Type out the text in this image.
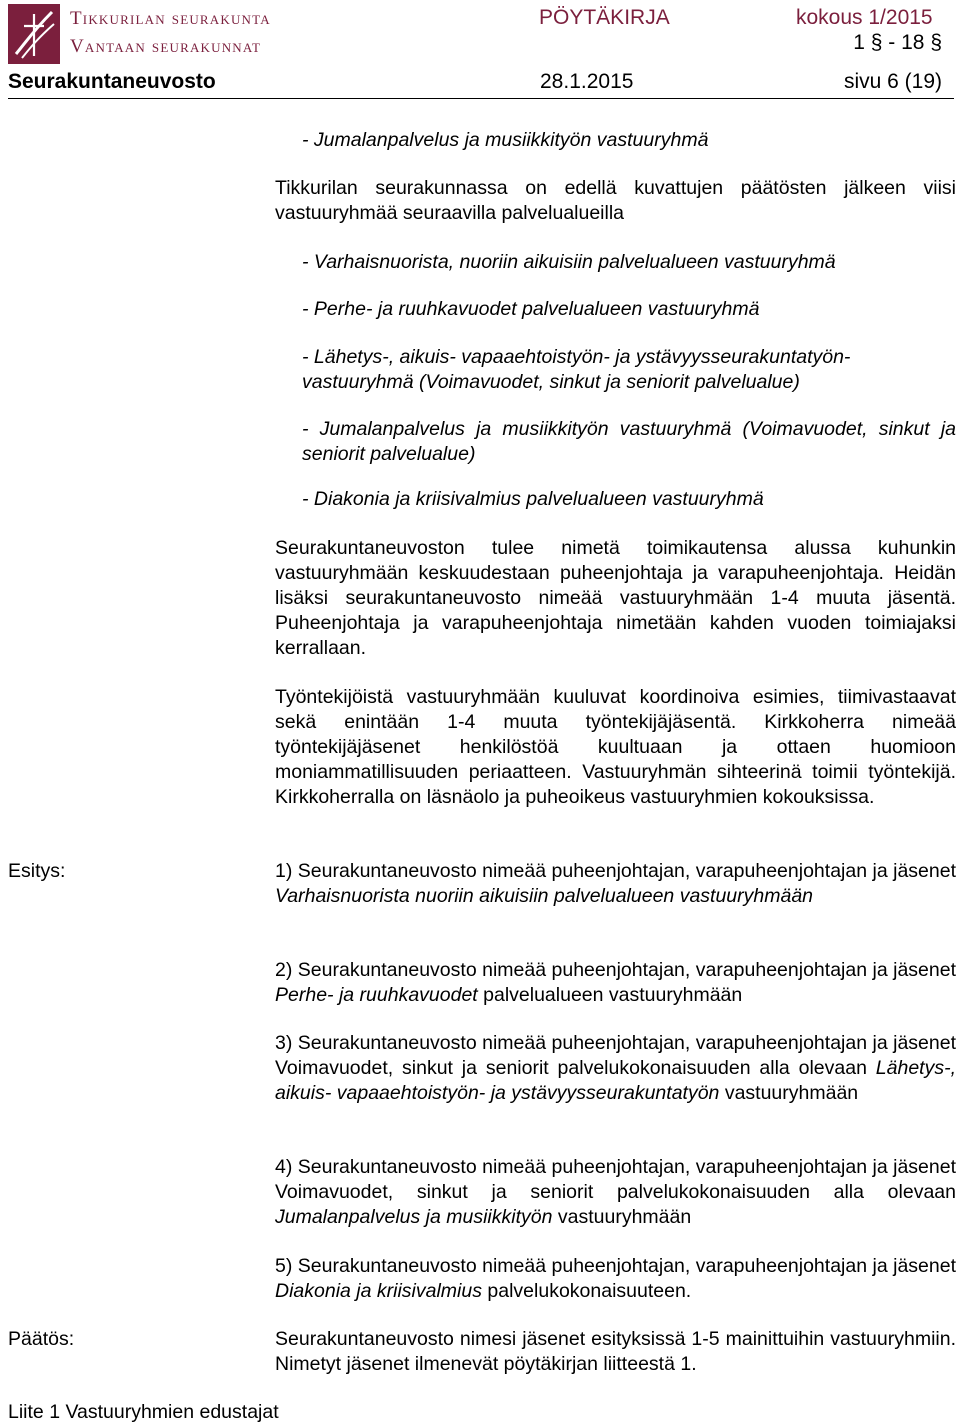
Tikkurilan seurakunta
Vantaan seurakunnat
PÖYTÄKIRJA	kokous 1/2015
1 § - 18 §
Seurakuntaneuvosto	28.1.2015	sivu 6 (19)
- Jumalanpalvelus ja musiikkityön vastuuryhmä
Tikkurilan seurakunnassa on edellä kuvattujen päätösten jälkeen viisi vastuuryhmää seuraavilla palvelualueilla
- Varhaisnuorista, nuoriin aikuisiin palvelualueen vastuuryhmä
- Perhe- ja ruuhkavuodet palvelualueen vastuuryhmä
- Lähetys-, aikuis- vapaaehtoistyön- ja ystävyysseurakuntatyön-
vastuuryhmä (Voimavuodet, sinkut ja seniorit palvelualue)
- Jumalanpalvelus ja musiikkityön vastuuryhmä (Voimavuodet, sinkut ja seniorit palvelualue)
- Diakonia ja kriisivalmius palvelualueen vastuuryhmä
Seurakuntaneuvoston tulee nimetä toimikautensa alussa kuhunkin vastuuryhmään keskuudestaan puheenjohtaja ja varapuheenjohtaja. Heidän lisäksi seurakuntaneuvosto nimeää vastuuryhmään 1-4 muuta jäsentä. Puheenjohtaja ja varapuheenjohtaja nimetään kahden vuoden toimiajaksi kerrallaan.
Työntekijöistä vastuuryhmään kuuluvat koordinoiva esimies, tiimivastaavat sekä enintään 1-4 muuta työntekijäjäsentä. Kirkkoherra nimeää työntekijäjäsenet henkilöstöä kuultuaan ja ottaen huomioon moniammatillisuuden periaatteen. Vastuuryhmän sihteerinä toimii työntekijä. Kirkkoherralla on läsnäolo ja puheoikeus vastuuryhmien kokouksissa.
Esitys:	1) Seurakuntaneuvosto nimeää puheenjohtajan, varapuheenjohtajan ja jäsenet Varhaisnuorista nuoriin aikuisiin palvelualueen vastuuryhmään
2) Seurakuntaneuvosto nimeää puheenjohtajan, varapuheenjohtajan ja jäsenet Perhe- ja ruuhkavuodet palvelualueen vastuuryhmään
3) Seurakuntaneuvosto nimeää puheenjohtajan, varapuheenjohtajan ja jäsenet Voimavuodet, sinkut ja seniorit palvelukokonaisuuden alla olevaan Lähetys-, aikuis- vapaaehtoistyön- ja ystävyysseurakuntatyön vastuuryhmään
4) Seurakuntaneuvosto nimeää puheenjohtajan, varapuheenjohtajan ja jäsenet Voimavuodet, sinkut ja seniorit palvelukokonaisuuden alla olevaan Jumalanpalvelus ja musiikkityön vastuuryhmään
5) Seurakuntaneuvosto nimeää puheenjohtajan, varapuheenjohtajan ja jäsenet Diakonia ja kriisivalmius palvelukokonaisuuteen.
Päätös:	Seurakuntaneuvosto nimesi jäsenet esityksissä 1-5 mainittuihin vastuuryhmiin. Nimetyt jäsenet ilmenevät pöytäkirjan liitteestä 1.
Liite 1 Vastuuryhmien edustajat
